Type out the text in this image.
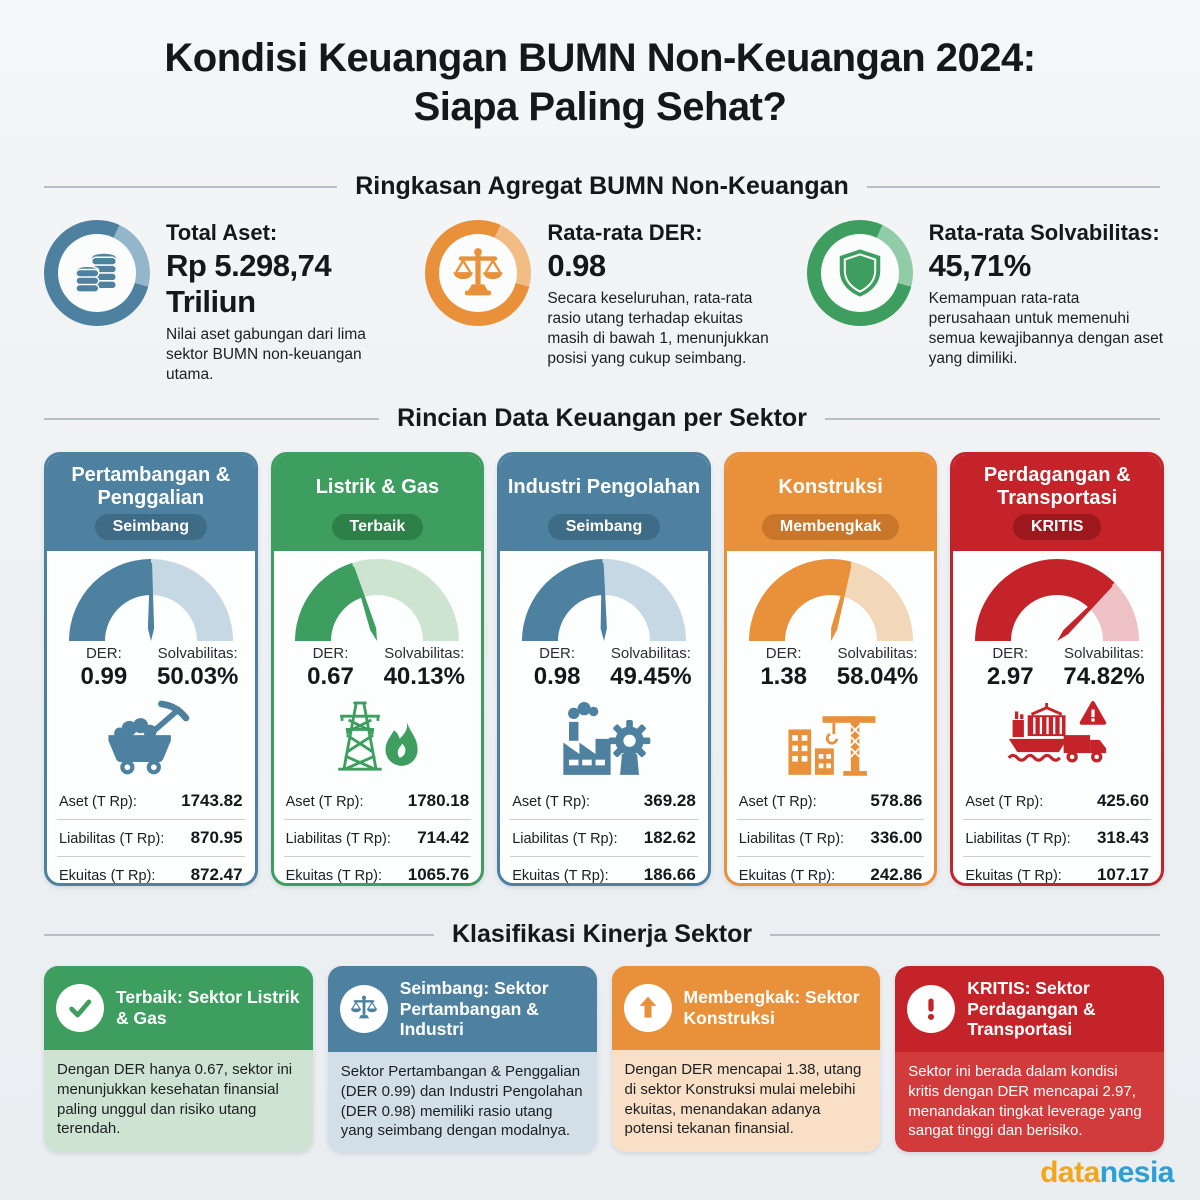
Kondisi Keuangan BUMN Non-Keuangan 2024:
Siapa Paling Sehat?
Ringkasan Agregat BUMN Non-Keuangan
Total Aset:
Rp 5.298,74 Triliun
Nilai aset gabungan dari lima sektor BUMN non-keuangan utama.
Rata-rata DER:
0.98
Secara keseluruhan, rata-rata rasio utang terhadap ekuitas masih di bawah 1, menunjukkan posisi yang cukup seimbang.
Rata-rata Solvabilitas:
45,71%
Kemampuan rata-rata perusahaan untuk memenuhi semua kewajibannya dengan aset yang dimiliki.
Rincian Data Keuangan per Sektor
Pertambangan & Penggalian
Seimbang
DER:
0.99
Solvabilitas:
50.03%
Aset (T Rp):	1743.82
Liabilitas (T Rp): 870.95
Ekuitas (T Rp): 872.47
Listrik & Gas
Terbaik
DER:
0.67
Solvabilitas:
40.13%
Aset (T Rp):	1780.18
Liabilitas (T Rp): 714.42
Ekuitas (T Rp): 1065.76
Industri Pengolahan
Seimbang
DER:
0.98
Solvabilitas:
49.45%
Aset (T Rp):	369.28
Liabilitas (T Rp): 182.62
Ekuitas (T Rp): 186.66
Konstruksi
Membengkak
DER:
1.38
Solvabilitas:
58.04%
Aset (T Rp):	578.86
Liabilitas (T Rp): 336.00
Ekuitas (T Rp): 242.86
Perdagangan & Transportasi
KRITIS
DER:
2.97
Solvabilitas:
74.82%
Aset (T Rp):	425.60
Liabilitas (T Rp): 318.43
Ekuitas (T Rp): 107.17
Klasifikasi Kinerja Sektor
Terbaik: Sektor Listrik & Gas
Dengan DER hanya 0.67, sektor ini menunjukkan kesehatan finansial paling unggul dan risiko utang terendah.
Seimbang: Sektor Pertambangan & Industri
Sektor Pertambangan & Penggalian (DER 0.99) dan Industri Pengolahan (DER 0.98) memiliki rasio utang yang seimbang dengan modalnya.
Membengkak: Sektor Konstruksi
Dengan DER mencapai 1.38, utang di sektor Konstruksi mulai melebihi ekuitas, menandakan adanya potensi tekanan finansial.
KRITIS: Sektor Perdagangan & Transportasi
Sektor ini berada dalam kondisi kritis dengan DER mencapai 2.97, menandakan tingkat leverage yang sangat tinggi dan berisiko.
datanesia
